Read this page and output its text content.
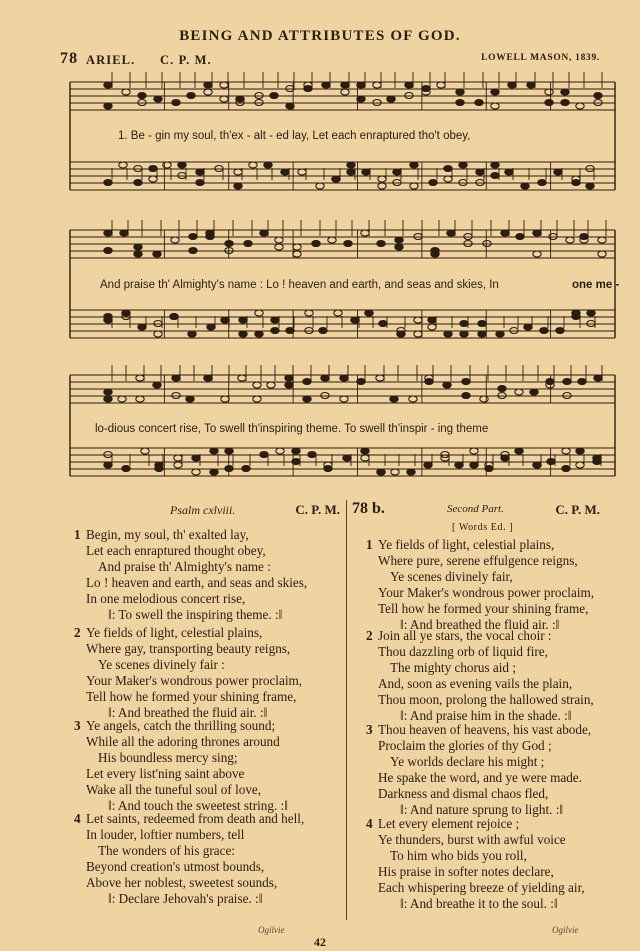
BEING AND ATTRIBUTES OF GOD.
78 ARIEL. C. P. M.	LOWELL MASON, 1839.
1. Be - gin my soul, th'ex - alt - ed lay, Let each enraptured tho't obey,
And praise th' Almighty's name : Lo ! heaven and earth, and seas and skies, In	one me -
lo-dious concert rise, To swell th'inspiring theme. To swell th'inspir - ing theme
Psalm cxlviii.	C. P. M. 78 b.	Second Part.	C. P. M.
[ Words Ed. ]
1 Begin, my soul, th' exalted lay,
Let each enraptured thought obey,
And praise th' Almighty's name :
Lo ! heaven and earth, and seas and skies,
In one melodious concert rise,
‖: To swell the inspiring theme. :‖
2 Ye fields of light, celestial plains,
Where gay, transporting beauty reigns,
Ye scenes divinely fair :
Your Maker's wondrous power proclaim,
Tell how he formed your shining frame,
‖: And breathed the fluid air. :‖
3 Ye angels, catch the thrilling sound;
While all the adoring thrones around
His boundless mercy sing;
Let every list'ning saint above
Wake all the tuneful soul of love,
‖: And touch the sweetest string. :‖
4 Let saints, redeemed from death and hell,
In louder, loftier numbers, tell
The wonders of his grace:
Beyond creation's utmost bounds,
Above her noblest, sweetest sounds,
‖: Declare Jehovah's praise. :‖
Ogilvie
1 Ye fields of light, celestial plains,
Where pure, serene effulgence reigns,
Ye scenes divinely fair,
Your Maker's wondrous power proclaim,
Tell how he formed your shining frame,
‖: And breathed the fluid air. :‖
2 Join all ye stars, the vocal choir :
Thou dazzling orb of liquid fire,
The mighty chorus aid ;
And, soon as evening vails the plain,
Thou moon, prolong the hallowed strain,
‖: And praise him in the shade. :‖
3 Thou heaven of heavens, his vast abode,
Proclaim the glories of thy God ;
Ye worlds declare his might ;
He spake the word, and ye were made.
Darkness and dismal chaos fled,
‖: And nature sprung to light. :‖
4 Let every element rejoice ;
Ye thunders, burst with awful voice
To him who bids you roll,
His praise in softer notes declare,
Each whispering breeze of yielding air,
‖: And breathe it to the soul. :‖
Ogilvie
42
